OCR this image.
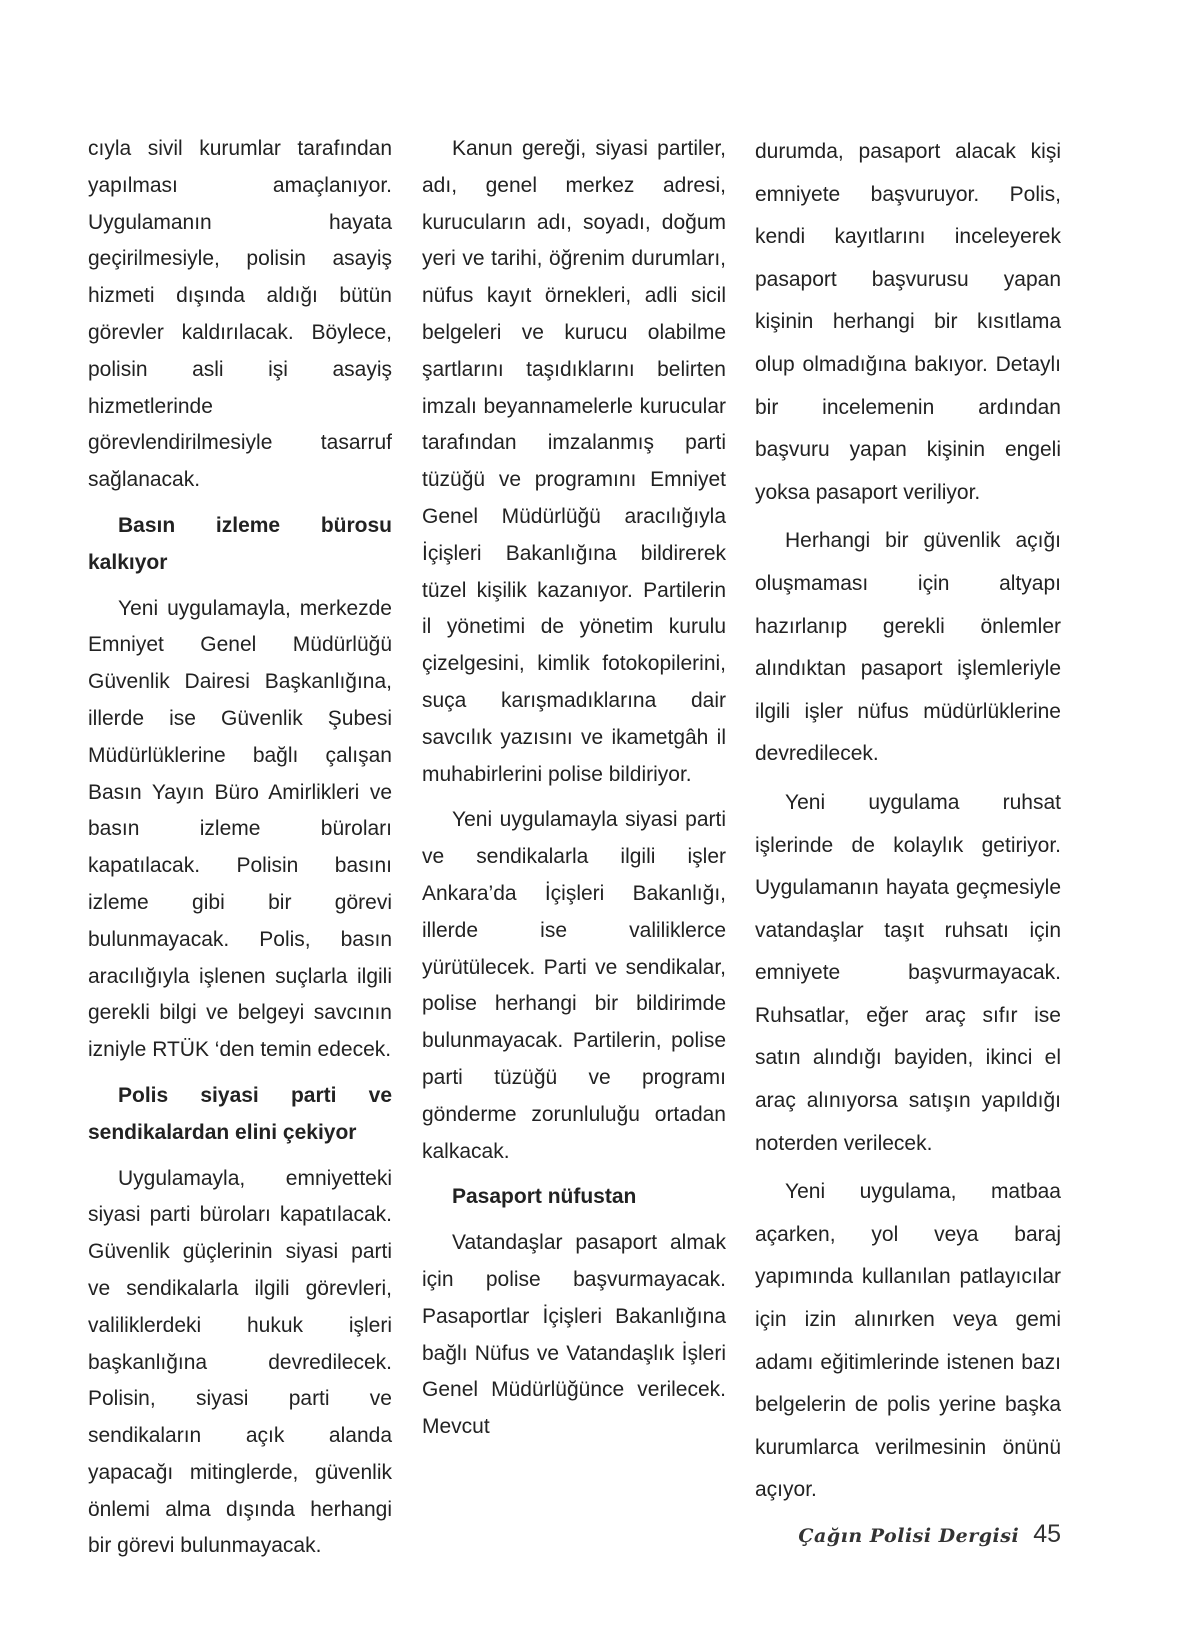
cıyla sivil kurumlar tarafından yapılması amaçlanıyor. Uygulamanın hayata geçirilmesiyle, polisin asayiş hizmeti dışında aldığı bütün görevler kaldırılacak. Böylece, polisin asli işi asayiş hizmetlerinde görevlendirilmesiyle tasarruf sağlanacak.

Basın izleme bürosu kalkıyor

Yeni uygulamayla, merkezde Emniyet Genel Müdürlüğü Güvenlik Dairesi Başkanlığına, illerde ise Güvenlik Şubesi Müdürlüklerine bağlı çalışan Basın Yayın Büro Amirlikleri ve basın izleme büroları kapatılacak. Polisin basını izleme gibi bir görevi bulunmayacak. Polis, basın aracılığıyla işlenen suçlarla ilgili gerekli bilgi ve belgeyi savcının izniyle RTÜK ‘den temin edecek.

Polis siyasi parti ve sendikalardan elini çekiyor

Uygulamayla, emniyetteki siyasi parti büroları kapatılacak. Güvenlik güçlerinin siyasi parti ve sendikalarla ilgili görevleri, valiliklerdeki hukuk işleri başkanlığına devredilecek. Polisin, siyasi parti ve sendikaların açık alanda yapacağı mitinglerde, güvenlik önlemi alma dışında herhangi bir görevi bulunmayacak.

Kanun gereği, siyasi partiler, adı, genel merkez adresi, kurucuların adı, soyadı, doğum yeri ve tarihi, öğrenim durumları, nüfus kayıt örnekleri, adli sicil belgeleri ve kurucu olabilme şartlarını taşıdıklarını belirten imzalı beyannamelerle kurucular tarafından imzalanmış parti tüzüğü ve programını Emniyet Genel Müdürlüğü aracılığıyla İçişleri Bakanlığına bildirerek tüzel kişilik kazanıyor. Partilerin il yönetimi de yönetim kurulu çizelgesini, kimlik fotokopilerini, suça karışmadıklarına dair savcılık yazısını ve ikametgâh il muhabirlerini polise bildiriyor.

Yeni uygulamayla siyasi parti ve sendikalarla ilgili işler Ankara’da İçişleri Bakanlığı, illerde ise valiliklerce yürütülecek. Parti ve sendikalar, polise herhangi bir bildirimde bulunmayacak. Partilerin, polise parti tüzüğü ve programı gönderme zorunluluğu ortadan kalkacak.

Pasaport nüfustan

Vatandaşlar pasaport almak için polise başvurmayacak. Pasaportlar İçişleri Bakanlığına bağlı Nüfus ve Vatandaşlık İşleri Genel Müdürlüğünce verilecek. Mevcut

durumda, pasaport alacak kişi emniyete başvuruyor. Polis, kendi kayıtlarını inceleyerek pasaport başvurusu yapan kişinin herhangi bir kısıtlama olup olmadığına bakıyor. Detaylı bir incelemenin ardından başvuru yapan kişinin engeli yoksa pasaport veriliyor.

Herhangi bir güvenlik açığı oluşmaması için altyapı hazırlanıp gerekli önlemler alındıktan pasaport işlemleriyle ilgili işler nüfus müdürlüklerine devredilecek.

Yeni uygulama ruhsat işlerinde de kolaylık getiriyor. Uygulamanın hayata geçmesiyle vatandaşlar taşıt ruhsatı için emniyete başvurmayacak. Ruhsatlar, eğer araç sıfır ise satın alındığı bayiden, ikinci el araç alınıyorsa satışın yapıldığı noterden verilecek.

Yeni uygulama, matbaa açarken, yol veya baraj yapımında kullanılan patlayıcılar için izin alınırken veya gemi adamı eğitimlerinde istenen bazı belgelerin de polis yerine başka kurumlarca verilmesinin önünü açıyor.

Çağın Polisi Dergisi 45
